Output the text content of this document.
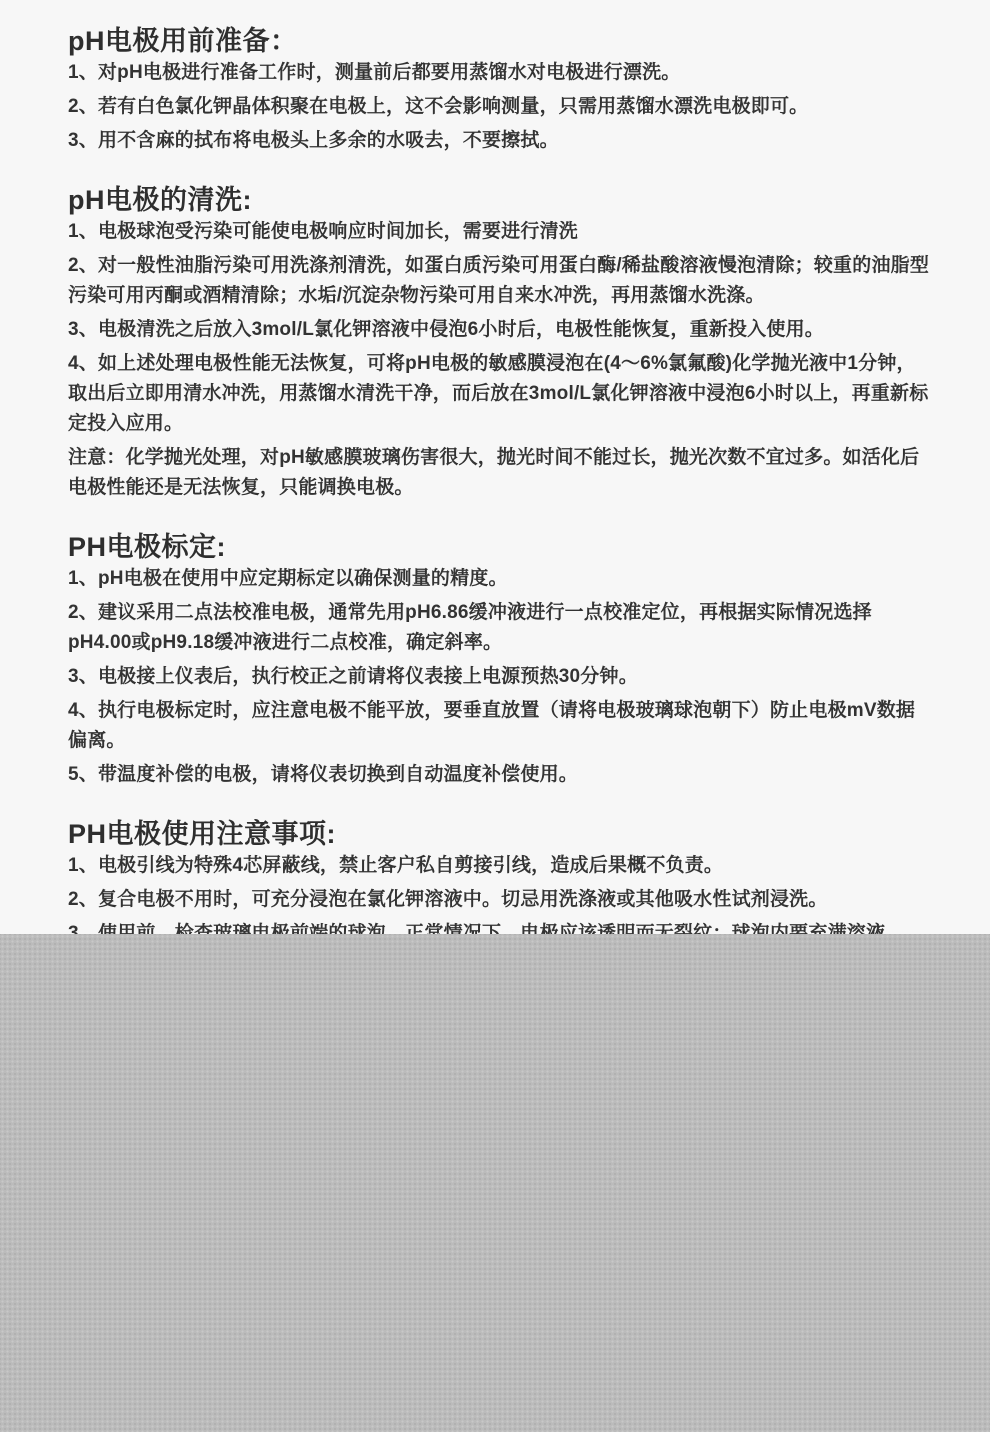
pH电极用前准备：

1、对pH电极进行准备工作时，测量前后都要用蒸馏水对电极进行漂洗。

2、若有白色氯化钾晶体积聚在电极上，这不会影响测量，只需用蒸馏水漂洗电极即可。

3、用不含麻的拭布将电极头上多余的水吸去，不要擦拭。

pH电极的清洗:

1、电极球泡受污染可能使电极响应时间加长，需要进行清洗

2、对一般性油脂污染可用洗涤剂清洗，如蛋白质污染可用蛋白酶/稀盐酸溶液慢泡清除；较重的油脂型污染可用丙酮或酒精清除；水垢/沉淀杂物污染可用自来水冲洗，再用蒸馏水洗涤。

3、电极清洗之后放入3mol/L氯化钾溶液中侵泡6小时后，电极性能恢复，重新投入使用。

4、如上述处理电极性能无法恢复，可将pH电极的敏感膜浸泡在(4～6%氯氟酸)化学抛光液中1分钟，取出后立即用清水冲洗，用蒸馏水清洗干净，而后放在3mol/L氯化钾溶液中浸泡6小时以上，再重新标定投入应用。

注意：化学抛光处理，对pH敏感膜玻璃伤害很大，抛光时间不能过长，抛光次数不宜过多。如活化后电极性能还是无法恢复，只能调换电极。

PH电极标定:

1、pH电极在使用中应定期标定以确保测量的精度。

2、建议采用二点法校准电极，通常先用pH6.86缓冲液进行一点校准定位，再根据实际情况选择pH4.00或pH9.18缓冲液进行二点校准，确定斜率。

3、电极接上仪表后，执行校正之前请将仪表接上电源预热30分钟。

4、执行电极标定时，应注意电极不能平放，要垂直放置（请将电极玻璃球泡朝下）防止电极mV数据偏离。

5、带温度补偿的电极，请将仪表切换到自动温度补偿使用。

PH电极使用注意事项:

1、电极引线为特殊4芯屏蔽线，禁止客户私自剪接引线，造成后果概不负责。

2、复合电极不用时，可充分浸泡在氯化钾溶液中。切忌用洗涤液或其他吸水性试剂浸洗。
